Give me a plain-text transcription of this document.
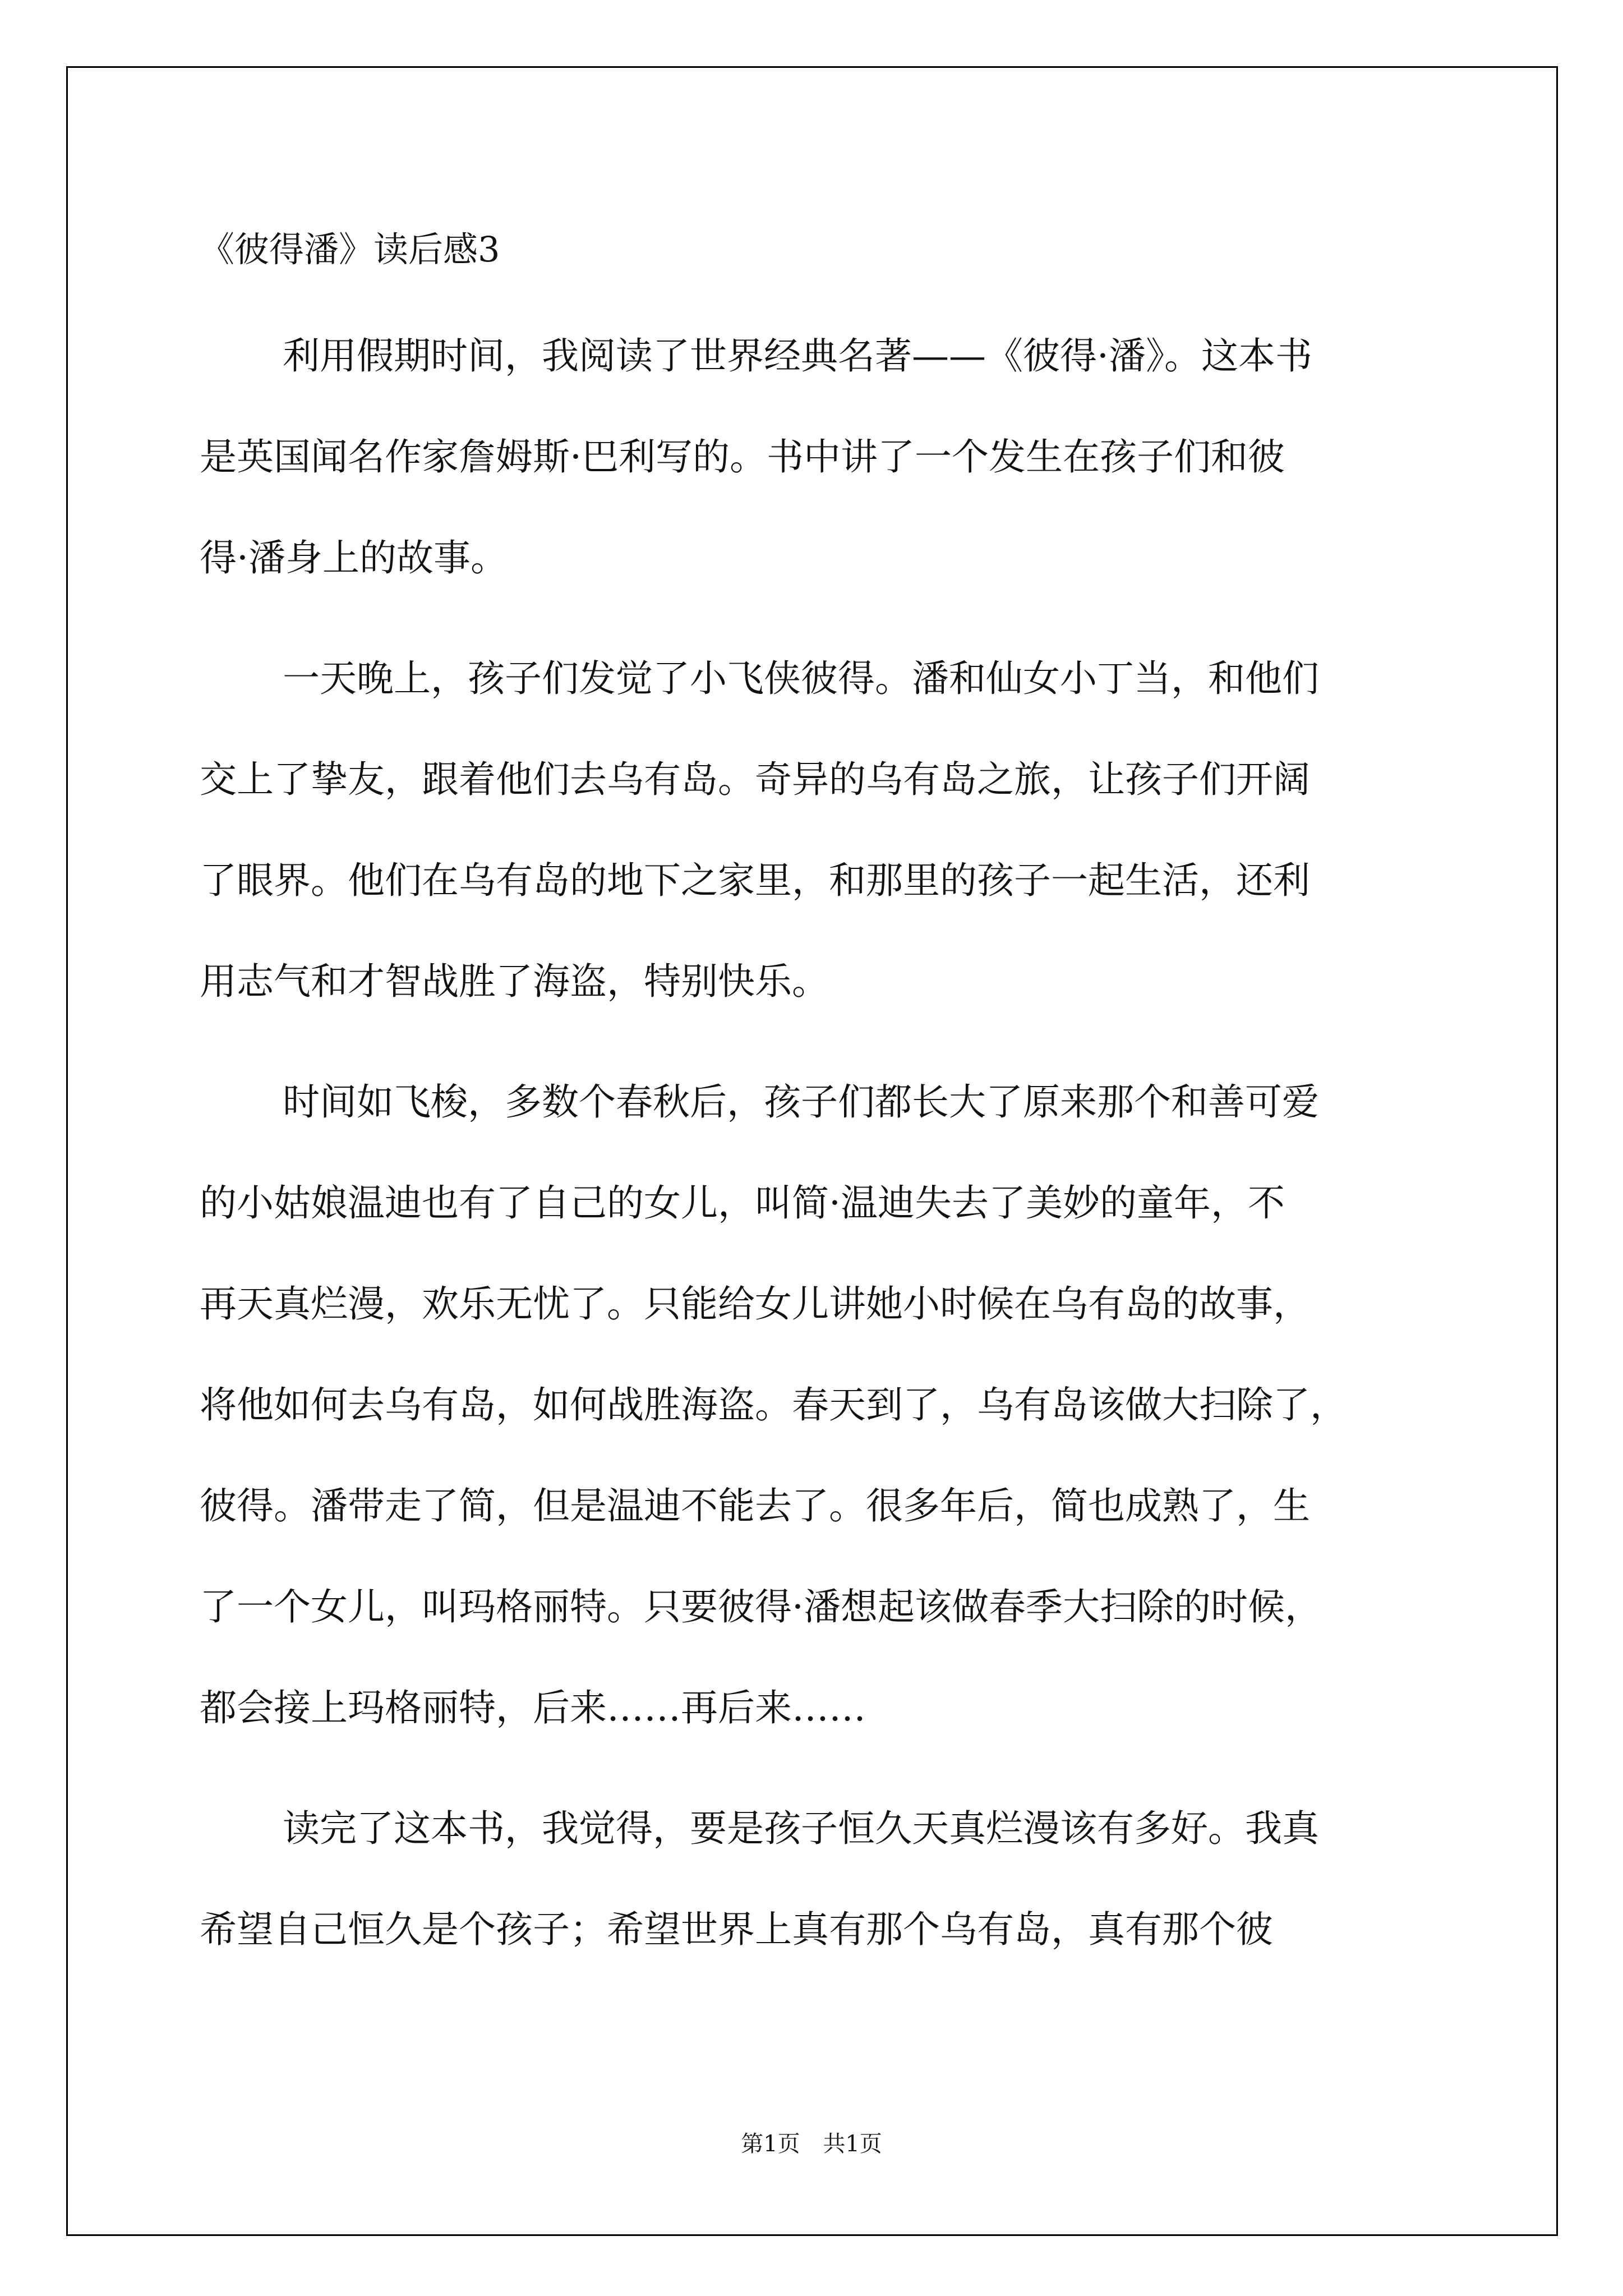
《彼得潘》读后感3
利用假期时间，我阅读了世界经典名著——《彼得·潘》。这本书
是英国闻名作家詹姆斯·巴利写的。书中讲了一个发生在孩子们和彼
得·潘身上的故事。
一天晚上，孩子们发觉了小飞侠彼得。潘和仙女小丁当，和他们
交上了挚友，跟着他们去乌有岛。奇异的乌有岛之旅，让孩子们开阔
了眼界。他们在乌有岛的地下之家里，和那里的孩子一起生活，还利
用志气和才智战胜了海盗，特别快乐。
时间如飞梭，多数个春秋后，孩子们都长大了原来那个和善可爱
的小姑娘温迪也有了自己的女儿，叫简·温迪失去了美妙的童年，不
再天真烂漫，欢乐无忧了。只能给女儿讲她小时候在乌有岛的故事，
将他如何去乌有岛，如何战胜海盗。春天到了，乌有岛该做大扫除了，
彼得。潘带走了简，但是温迪不能去了。很多年后，简也成熟了，生
了一个女儿，叫玛格丽特。只要彼得·潘想起该做春季大扫除的时候，
都会接上玛格丽特，后来……再后来……
读完了这本书，我觉得，要是孩子恒久天真烂漫该有多好。我真
希望自己恒久是个孩子；希望世界上真有那个乌有岛，真有那个彼
第1页 共1页
